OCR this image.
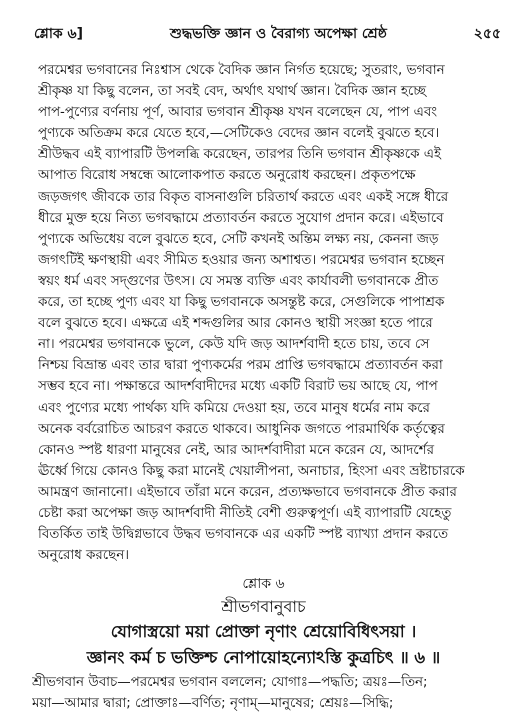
শ্লোক ৬]	শুদ্ধভক্তি জ্ঞান ও বৈরাগ্য অপেক্ষা শ্রেষ্ঠ	২৫৫
পরমেশ্বর ভগবানের নিঃশ্বাস থেকে বৈদিক জ্ঞান নির্গত হয়েছে; সুতরাং, ভগবান
শ্রীকৃষ্ণ যা কিছু বলেন, তা সবই বেদ, অর্থাৎ যথার্থ জ্ঞান। বৈদিক জ্ঞান হচ্ছে
পাপ-পুণ্যের বর্ণনায় পূর্ণ, আবার ভগবান শ্রীকৃষ্ণ যখন বলেছেন যে, পাপ এবং
পুণ্যকে অতিক্রম করে যেতে হবে,—সেটিকেও বেদের জ্ঞান বলেই বুঝতে হবে।
শ্রীউদ্ধব এই ব্যাপারটি উপলব্ধি করেছেন, তারপর তিনি ভগবান শ্রীকৃষ্ণকে এই
আপাত বিরোধ সম্বন্ধে আলোকপাত করতে অনুরোধ করছেন। প্রকৃতপক্ষে
জড়জগৎ জীবকে তার বিকৃত বাসনাগুলি চরিতার্থ করতে এবং একই সঙ্গে ধীরে
ধীরে মুক্ত হয়ে নিত্য ভগবদ্ধামে প্রত্যাবর্তন করতে সুযোগ প্রদান করে। এইভাবে
পুণ্যকে অভিধেয় বলে বুঝতে হবে, সেটি কখনই অন্তিম লক্ষ্য নয়, কেননা জড়
জগৎটিই ক্ষণস্থায়ী এবং সীমিত হওয়ার জন্য অশাশ্বত। পরমেশ্বর ভগবান হচ্ছেন
স্বয়ং ধর্ম এবং সদ্গুণের উৎস। যে সমস্ত ব্যক্তি এবং কার্যাবলী ভগবানকে প্রীত
করে, তা হচ্ছে পুণ্য এবং যা কিছু ভগবানকে অসন্তুষ্ট করে, সেগুলিকে পাপাশ্রক
বলে বুঝতে হবে। এক্ষত্রে এই শব্দগুলির আর কোনও স্থায়ী সংজ্ঞা হতে পারে
না। পরমেশ্বর ভগবানকে ভুলে, কেউ যদি জড় আদর্শবাদী হতে চায়, তবে সে
নিশ্চয় বিভ্রান্ত এবং তার দ্বারা পুণ্যকর্মের পরম প্রাপ্তি ভগবদ্ধামে প্রত্যাবর্তন করা
সম্ভব হবে না। পক্ষান্তরে আদর্শবাদীদের মধ্যে একটি বিরাট ভয় আছে যে, পাপ
এবং পুণ্যের মধ্যে পার্থক্য যদি কমিয়ে দেওয়া হয়, তবে মানুষ ধর্মের নাম করে
অনেক বর্বরোচিত আচরণ করতে থাকবে। আধুনিক জগতে পারমার্থিক কর্তৃত্বের
কোনও স্পষ্ট ধারণা মানুষের নেই, আর আদর্শবাদীরা মনে করেন যে, আদর্শের
ঊর্ধ্বে গিয়ে কোনও কিছু করা মানেই খেয়ালীপনা, অনাচার, হিংসা এবং ভ্রষ্টাচারকে
আমন্ত্রণ জানানো। এইভাবে তাঁরা মনে করেন, প্রত্যক্ষভাবে ভগবানকে প্রীত করার
চেষ্টা করা অপেক্ষা জড় আদর্শবাদী নীতিই বেশী গুরুত্বপূর্ণ। এই ব্যাপারটি যেহেতু
বিতর্কিত তাই উদ্বিগ্নভাবে উদ্ধব ভগবানকে এর একটি স্পষ্ট ব্যাখ্যা প্রদান করতে
অনুরোধ করছেন।
শ্লোক ৬
শ্রীভগবানুবাচ
যোগাস্ত্রয়ো ময়া প্রোক্তা নৃণাং শ্রেয়োবিধিৎসয়া ।
জ্ঞানং কর্ম চ ভক্তিশ্চ নোপায়োহন্যোঽস্তি কুত্রচিৎ ॥ ৬ ॥
শ্রীভগবান উবাচ—পরমেশ্বর ভগবান বললেন; যোগাঃ—পদ্ধতি; ত্রয়ঃ—তিন;
ময়া—আমার দ্বারা; প্রোক্তাঃ—বর্ণিত; নৃণাম্—মানুষের; শ্রেয়ঃ—সিদ্ধি;
